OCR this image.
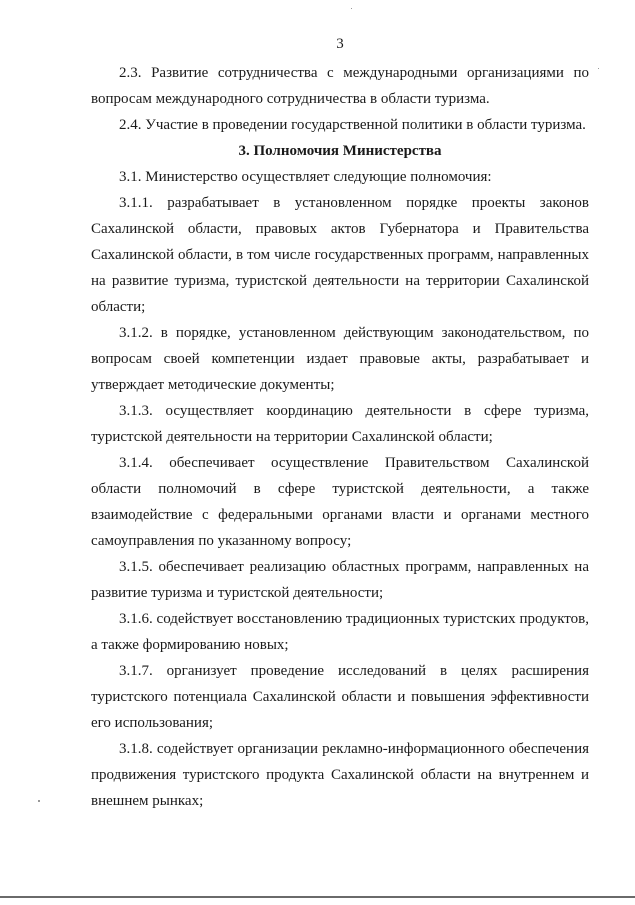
3

2.3. Развитие сотрудничества с международными организациями по вопросам международного сотрудничества в области туризма.

2.4. Участие в проведении государственной политики в области туризма.

3. Полномочия Министерства

3.1. Министерство осуществляет следующие полномочия:

3.1.1. разрабатывает в установленном порядке проекты законов Сахалинской области, правовых актов Губернатора и Правительства Сахалинской области, в том числе государственных программ, направленных на развитие туризма, туристской деятельности на территории Сахалинской области;

3.1.2. в порядке, установленном действующим законодательством, по вопросам своей компетенции издает правовые акты, разрабатывает и утверждает методические документы;

3.1.3. осуществляет координацию деятельности в сфере туризма, туристской деятельности на территории Сахалинской области;

3.1.4. обеспечивает осуществление Правительством Сахалинской области полномочий в сфере туристской деятельности, а также взаимодействие с федеральными органами власти и органами местного самоуправления по указанному вопросу;

3.1.5. обеспечивает реализацию областных программ, направленных на развитие туризма и туристской деятельности;

3.1.6. содействует восстановлению традиционных туристских продуктов, а также формированию новых;

3.1.7. организует проведение исследований в целях расширения туристского потенциала Сахалинской области и повышения эффективности его использования;

3.1.8. содействует организации рекламно-информационного обеспечения продвижения туристского продукта Сахалинской области на внутреннем и внешнем рынках;
